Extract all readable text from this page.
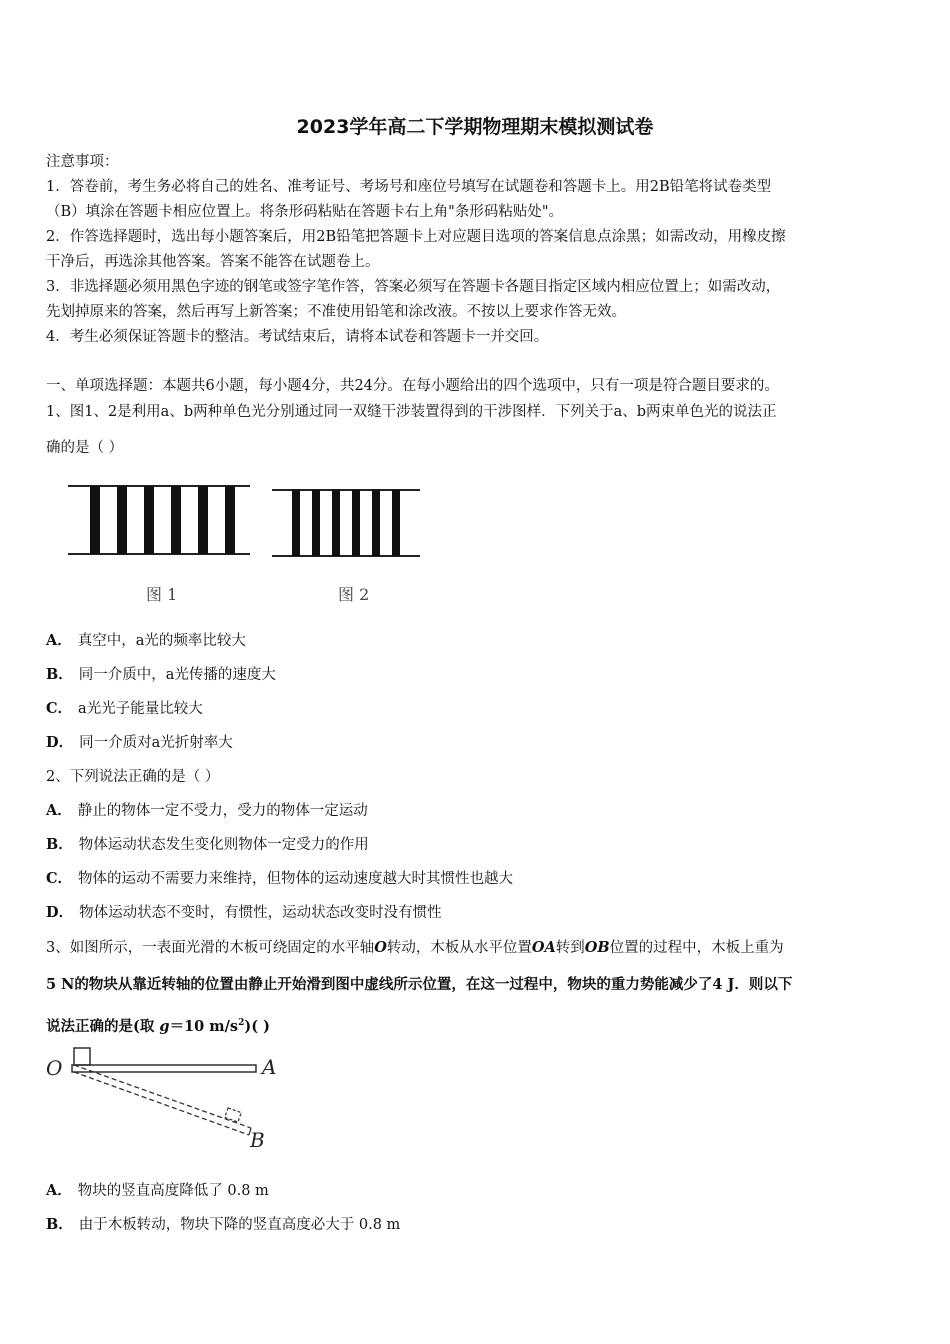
2023学年高二下学期物理期末模拟测试卷
注意事项：
1．答卷前，考生务必将自己的姓名、准考证号、考场号和座位号填写在试题卷和答题卡上。用2B铅笔将试卷类型
（B）填涂在答题卡相应位置上。将条形码粘贴在答题卡右上角"条形码粘贴处"。
2．作答选择题时，选出每小题答案后，用2B铅笔把答题卡上对应题目选项的答案信息点涂黑；如需改动，用橡皮擦
干净后，再选涂其他答案。答案不能答在试题卷上。
3．非选择题必须用黑色字迹的钢笔或签字笔作答，答案必须写在答题卡各题目指定区域内相应位置上；如需改动，
先划掉原来的答案，然后再写上新答案；不准使用铅笔和涂改液。不按以上要求作答无效。
4．考生必须保证答题卡的整洁。考试结束后，请将本试卷和答题卡一并交回。
一、单项选择题：本题共6小题，每小题4分，共24分。在每小题给出的四个选项中，只有一项是符合题目要求的。
1、图1、2是利用a、b两种单色光分别通过同一双缝干涉装置得到的干涉图样．下列关于a、b两束单色光的说法正
确的是（ ）
图 1	图 2
A． 真空中，a光的频率比较大
B． 同一介质中，a光传播的速度大
C． a光光子能量比较大
D． 同一介质对a光折射率大
2、下列说法正确的是（ ）
A． 静止的物体一定不受力，受力的物体一定运动
B． 物体运动状态发生变化则物体一定受力的作用
C． 物体的运动不需要力来维持，但物体的运动速度越大时其惯性也越大
D． 物体运动状态不变时，有惯性，运动状态改变时没有惯性
3、如图所示，一表面光滑的木板可绕固定的水平轴O转动，木板从水平位置OA转到OB位置的过程中，木板上重为
5 N的物块从靠近转轴的位置由静止开始滑到图中虚线所示位置，在这一过程中，物块的重力势能减少了4 J．则以下
说法正确的是(取 g＝10 $m/s^2$)( )
O	A
B
A． 物块的竖直高度降低了 0.8 m
B． 由于木板转动，物块下降的竖直高度必大于 0.8 m
